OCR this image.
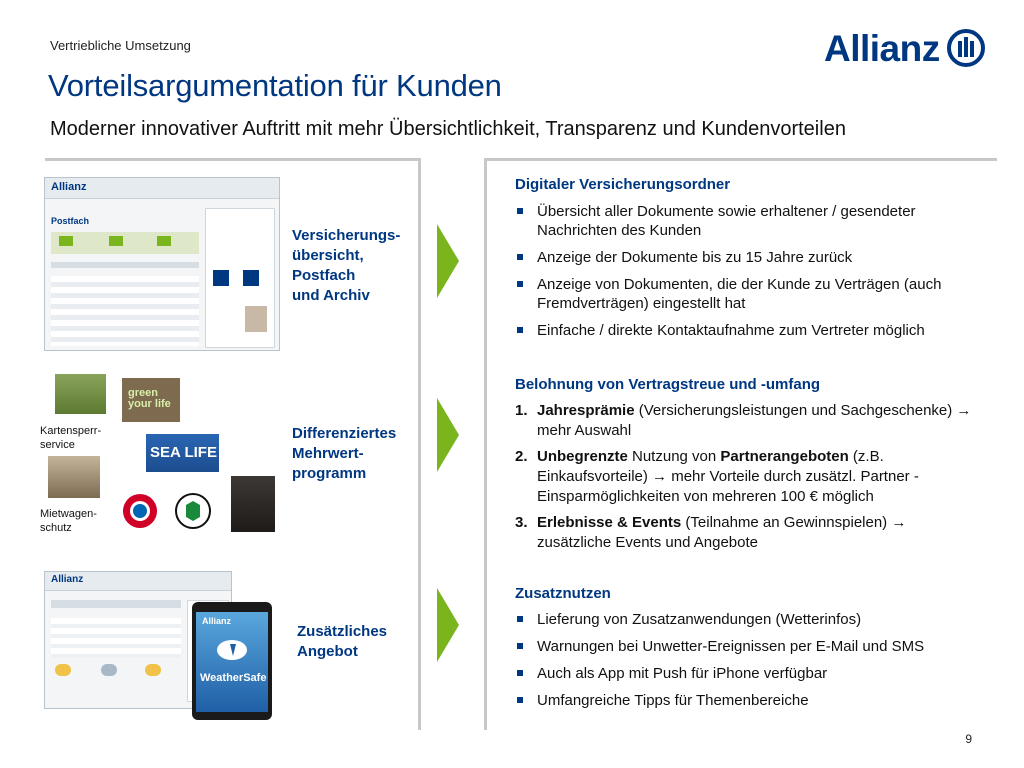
Vertriebliche Umsetzung
Vorteilsargumentation für Kunden
Moderner innovativer Auftritt mit mehr Übersichtlichkeit, Transparenz und Kundenvorteilen
Allianz
Allianz
Postfach
Versicherungs-
übersicht,
Postfach
und Archiv
green your life
Kartensperr-
service	SEA LIFE
Mietwagen-
schutz
Differenziertes
Mehrwert-
programm
Allianz
Allianz
WeatherSafe
Zusätzliches
Angebot
Digitaler Versicherungsordner
Übersicht aller Dokumente sowie erhaltener / gesendeter Nachrichten des Kunden
Anzeige der Dokumente bis zu 15 Jahre zurück
Anzeige von Dokumenten, die der Kunde zu Verträgen (auch Fremdverträgen) eingestellt hat
Einfache / direkte Kontaktaufnahme zum Vertreter möglich
Belohnung von Vertragstreue und -umfang
1. Jahresprämie (Versicherungsleistungen und Sachgeschenke) → mehr Auswahl
2. Unbegrenzte Nutzung von Partnerangeboten (z.B. Einkaufsvorteile) → mehr Vorteile durch zusätzl. Partner - Einsparmöglichkeiten von mehreren 100 € möglich
3. Erlebnisse & Events (Teilnahme an Gewinnspielen) → zusätzliche Events und Angebote
Zusatznutzen
Lieferung von Zusatzanwendungen (Wetterinfos)
Warnungen bei Unwetter-Ereignissen per E-Mail und SMS
Auch als App mit Push für iPhone verfügbar
Umfangreiche Tipps für Themenbereiche
9
